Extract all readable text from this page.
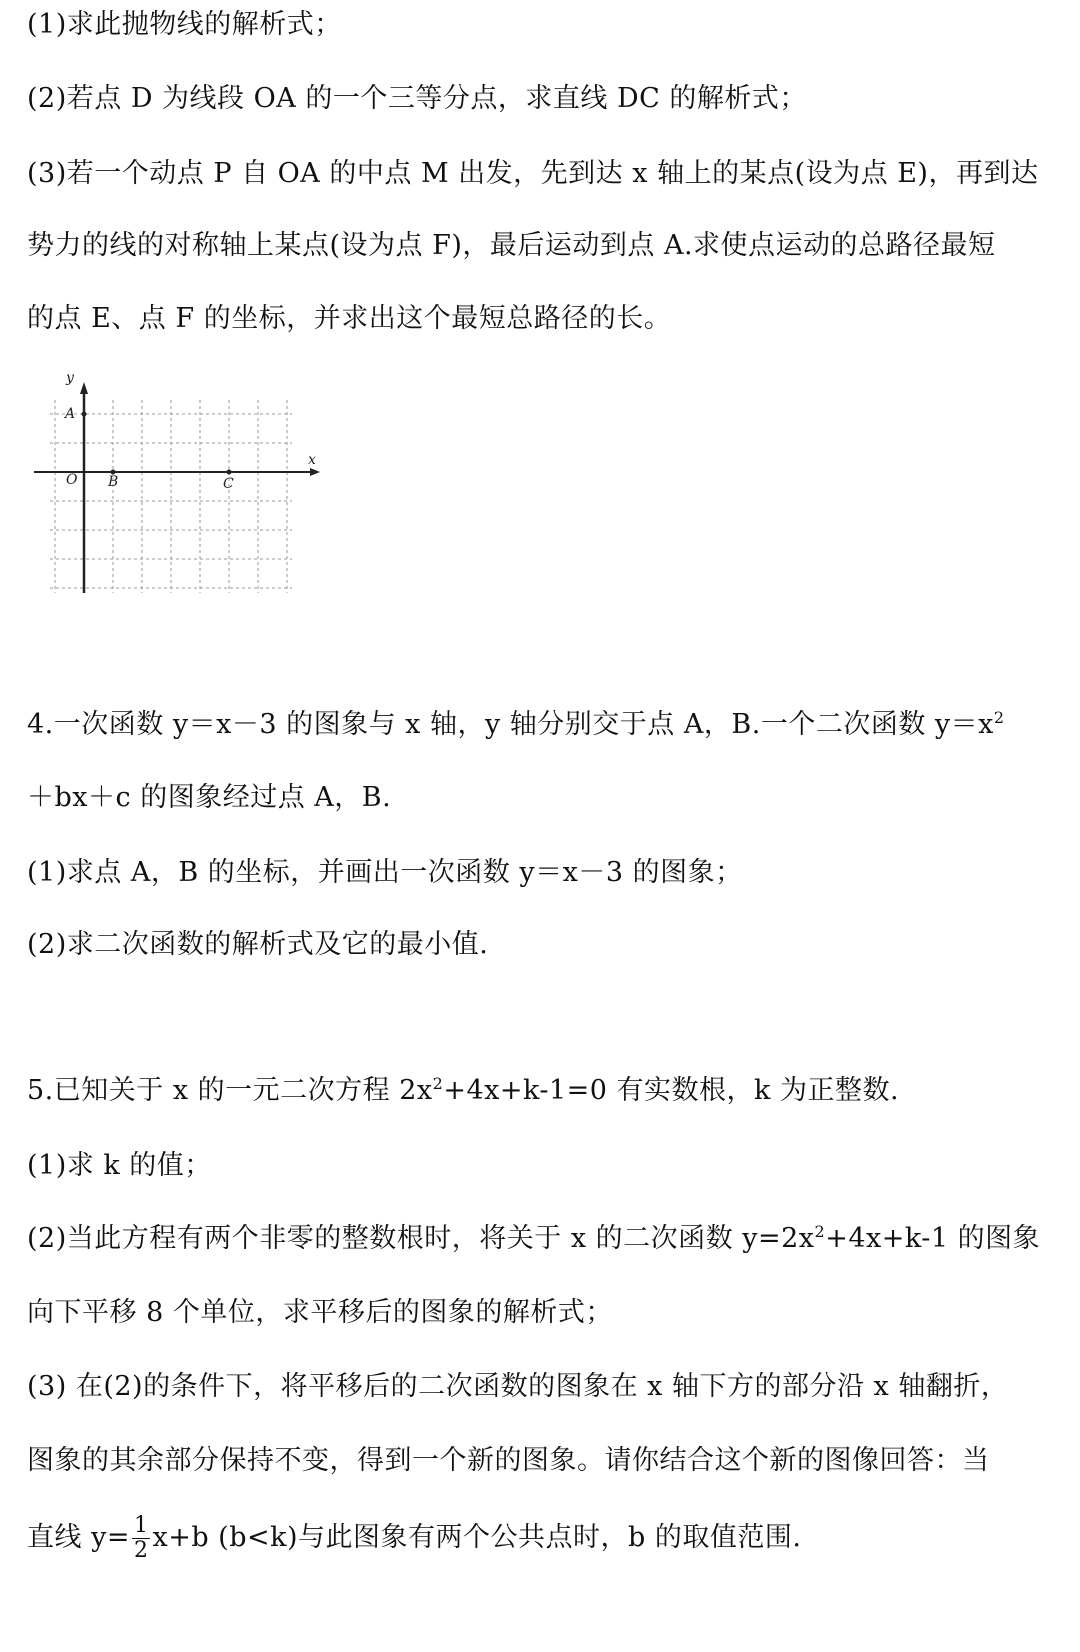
(1)求此抛物线的解析式；
(2)若点 D 为线段 OA 的一个三等分点，求直线 DC 的解析式；
(3)若一个动点 P 自 OA 的中点 M 出发，先到达 x 轴上的某点(设为点 E)，再到达
势力的线的对称轴上某点(设为点 F)，最后运动到点 A.求使点运动的总路径最短
的点 E、点 F 的坐标，并求出这个最短总路径的长。
y
x
O
A
B	C
4.一次函数 y＝x－3 的图象与 x 轴，y 轴分别交于点 A，B.一个二次函数 $y=x^2$
＋bx＋c 的图象经过点 A，B.
(1)求点 A，B 的坐标，并画出一次函数 y＝x－3 的图象；
(2)求二次函数的解析式及它的最小值.
5.已知关于 x 的一元二次方程 $2x^2+4x+k-1=0$ 有实数根，k 为正整数.
(1)求 k 的值；
(2)当此方程有两个非零的整数根时，将关于 x 的二次函数 $y=2x^2+4x+k-1$ 的图象
向下平移 8 个单位，求平移后的图象的解析式；
(3) 在(2)的条件下，将平移后的二次函数的图象在 x 轴下方的部分沿 x 轴翻折，
图象的其余部分保持不变，得到一个新的图象。请你结合这个新的图像回答：当
直线 $y= \frac{1}{2} x+b$ (b<k)与此图象有两个公共点时，b 的取值范围.
